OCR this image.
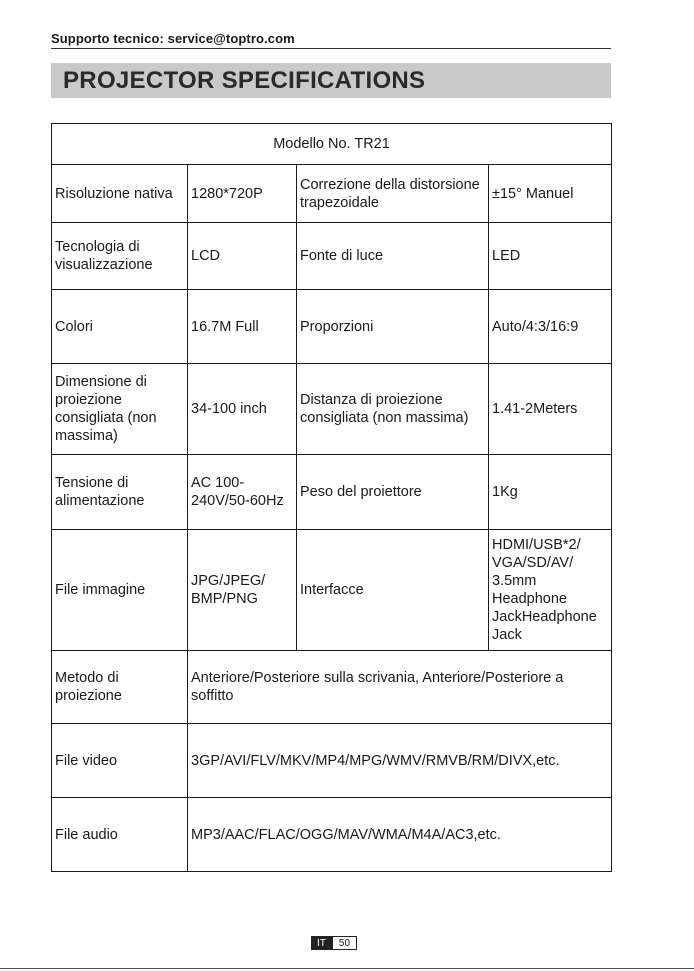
Supporto tecnico: service@toptro.com
PROJECTOR SPECIFICATIONS
Modello No. TR21			
Risoluzione nativa	1280*720P	Correzione della distorsione trapezoidale	±15° Manuel
Tecnologia di visualizzazione	LCD	Fonte di luce	LED
Colori	16.7M Full	Proporzioni	Auto/4:3/16:9
Dimensione di proiezione consigliata (non massima)	34-100 inch	Distanza di proiezione consigliata (non massima)	1.41-2Meters
Tensione di alimentazione	AC 100-240V/50-60Hz	Peso del proiettore	1Kg
File immagine	JPG/JPEG/ BMP/PNG	Interfacce	HDMI/USB*2/ VGA/SD/AV/ 3.5mm Headphone JackHeadphone Jack
Metodo di proiezione	Anteriore/Posteriore sulla scrivania, Anteriore/Posteriore a soffitto		
File video	3GP/AVI/FLV/MKV/MP4/MPG/WMV/RMVB/RM/DIVX,etc.		
File audio	MP3/AAC/FLAC/OGG/MAV/WMA/M4A/AC3,etc.		
IT	50
